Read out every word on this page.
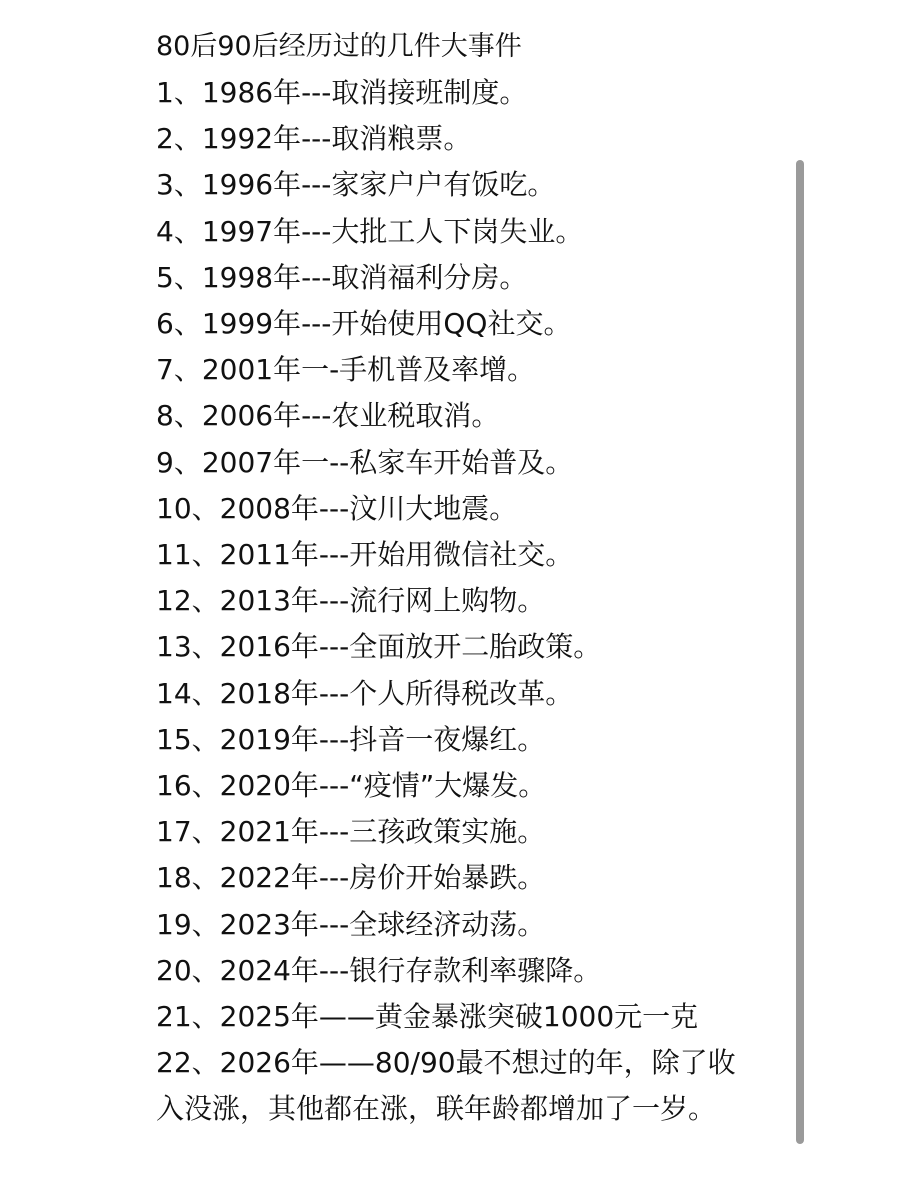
80后90后经历过的几件大事件
1、1986年---取消接班制度。
2、1992年---取消粮票。
3、1996年---家家户户有饭吃。
4、1997年---大批工人下岗失业。
5、1998年---取消福利分房。
6、1999年---开始使用QQ社交。
7、2001年一-手机普及率增。
8、2006年---农业税取消。
9、2007年一--私家车开始普及。
10、2008年---汶川大地震。
11、2011年---开始用微信社交。
12、2013年---流行网上购物。
13、2016年---全面放开二胎政策。
14、2018年---个人所得税改革。
15、2019年---抖音一夜爆红。
16、2020年---“疫情”大爆发。
17、2021年---三孩政策实施。
18、2022年---房价开始暴跌。
19、2023年---全球经济动荡。
20、2024年---银行存款利率骤降。
21、2025年——黄金暴涨突破1000元一克
22、2026年——80/90最不想过的年，除了收入没涨，其他都在涨，联年龄都增加了一岁。
